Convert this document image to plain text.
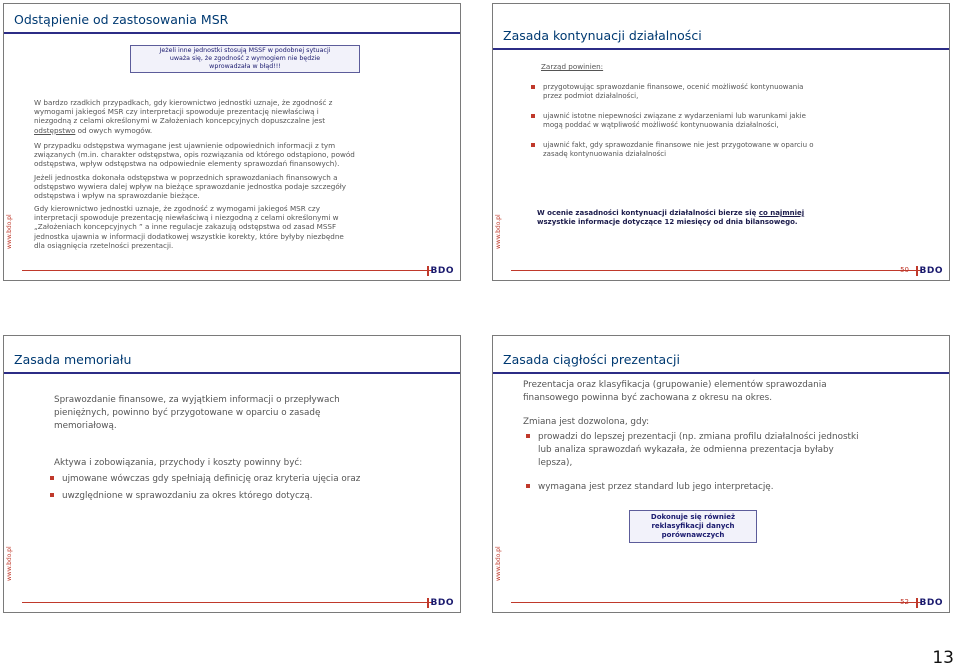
Odstąpienie od zastosowania MSR
Jeżeli inne jednostki stosują MSSF w podobnej sytuacji
uważa się, że zgodność z wymogiem nie będzie
wprowadzała w błąd!!!
W bardzo rzadkich przypadkach, gdy kierownictwo jednostki uznaje, że zgodność z
wymogami jakiegoś MSR czy interpretacji spowoduje prezentację niewłaściwą i
niezgodną z celami określonymi w Założeniach koncepcyjnych dopuszczalne jest
odstępstwo od owych wymogów.
W przypadku odstępstwa wymagane jest ujawnienie odpowiednich informacji z tym
związanych (m.in. charakter odstępstwa, opis rozwiązania od którego odstąpiono, powód
odstępstwa, wpływ odstępstwa na odpowiednie elementy sprawozdań finansowych).
Jeżeli jednostka dokonała odstępstwa w poprzednich sprawozdaniach finansowych a
odstępstwo wywiera dalej wpływ na bieżące sprawozdanie jednostka podaje szczegóły
odstępstwa i wpływ na sprawozdanie bieżące.
Gdy kierownictwo jednostki uznaje, że zgodność z wymogami jakiegoś MSR czy
interpretacji spowoduje prezentację niewłaściwą i niezgodną z celami określonymi w
„Założeniach koncepcyjnych ” a inne regulacje zakazują odstępstwa od zasad MSSF
jednostka ujawnia w informacji dodatkowej wszystkie korekty, które byłyby niezbędne
dla osiągnięcia rzetelności prezentacji.
www.bdo.pl
BDO
Zasada kontynuacji działalności
Zarząd powinien:
przygotowując sprawozdanie finansowe, ocenić możliwość kontynuowania
przez podmiot działalności,
ujawnić istotne niepewności związane z wydarzeniami lub warunkami jakie
mogą poddać w wątpliwość możliwość kontynuowania działalności,
ujawnić fakt, gdy sprawozdanie finansowe nie jest przygotowane w oparciu o
zasadę kontynuowania działalności
W ocenie zasadności kontynuacji działalności bierze się co najmniej
wszystkie informacje dotyczące 12 miesięcy od dnia bilansowego.
www.bdo.pl
50	BDO
Zasada memoriału
Sprawozdanie finansowe, za wyjątkiem informacji o przepływach
pieniężnych, powinno być przygotowane w oparciu o zasadę
memoriałową.
Aktywa i zobowiązania, przychody i koszty powinny być:
ujmowane wówczas gdy spełniają definicję oraz kryteria ujęcia oraz
uwzględnione w sprawozdaniu za okres którego dotyczą.
www.bdo.pl
BDO
Zasada ciągłości prezentacji
Prezentacja oraz klasyfikacja (grupowanie) elementów sprawozdania
finansowego powinna być zachowana z okresu na okres.
Zmiana jest dozwolona, gdy:
prowadzi do lepszej prezentacji (np. zmiana profilu działalności jednostki
lub analiza sprawozdań wykazała, że odmienna prezentacja byłaby
lepsza),
wymagana jest przez standard lub jego interpretację.
Dokonuje się również
reklasyfikacji danych
porównawczych
www.bdo.pl
52	BDO
13
